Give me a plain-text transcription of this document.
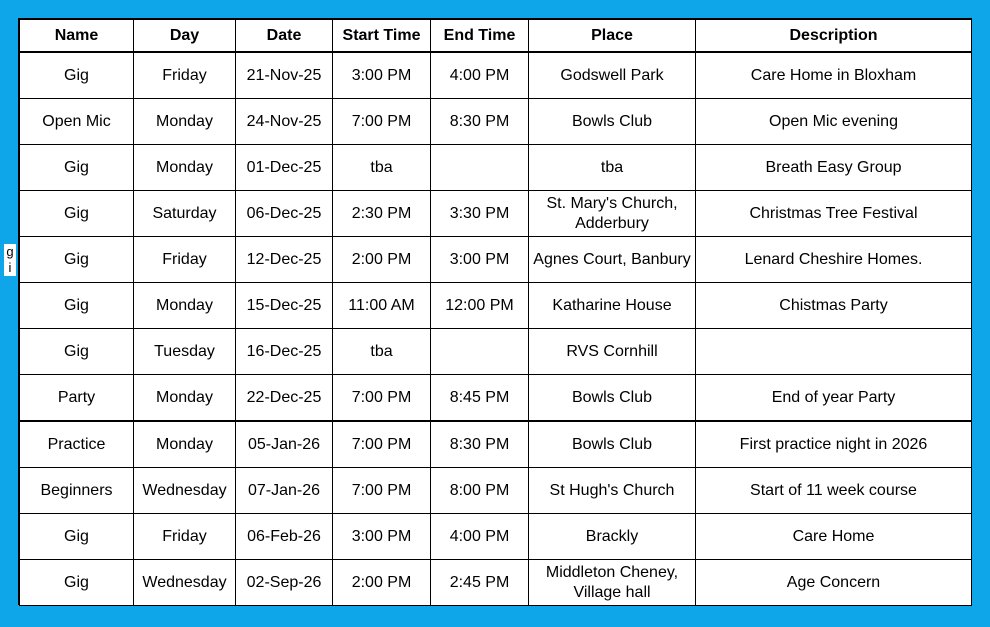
g
i
Name	Day	Date	Start Time	End Time	Place	Description
Gig	Friday	21-Nov-25	3:00 PM	4:00 PM	Godswell Park	Care Home in Bloxham
Open Mic	Monday	24-Nov-25	7:00 PM	8:30 PM	Bowls Club	Open Mic evening
Gig	Monday	01-Dec-25	tba		tba	Breath Easy Group
Gig	Saturday	06-Dec-25	2:30 PM	3:30 PM	St. Mary's Church, Adderbury	Christmas Tree Festival
Gig	Friday	12-Dec-25	2:00 PM	3:00 PM	Agnes Court, Banbury	Lenard Cheshire Homes.
Gig	Monday	15-Dec-25	11:00 AM	12:00 PM	Katharine House	Chistmas Party
Gig	Tuesday	16-Dec-25	tba		RVS Cornhill	
Party	Monday	22-Dec-25	7:00 PM	8:45 PM	Bowls Club	End of year Party
Practice	Monday	05-Jan-26	7:00 PM	8:30 PM	Bowls Club	First practice night in 2026
Beginners	Wednesday	07-Jan-26	7:00 PM	8:00 PM	St Hugh's Church	Start of 11 week course
Gig	Friday	06-Feb-26	3:00 PM	4:00 PM	Brackly	Care Home
Gig	Wednesday	02-Sep-26	2:00 PM	2:45 PM	Middleton Cheney, Village hall	Age Concern
